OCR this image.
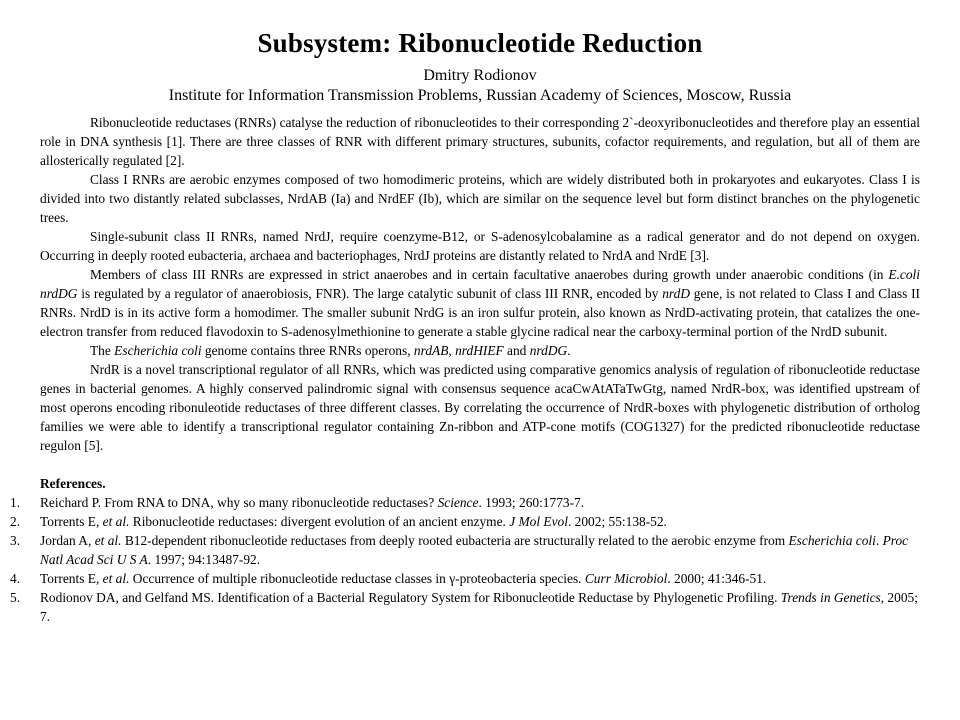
Subsystem: Ribonucleotide Reduction
Dmitry Rodionov
Institute for Information Transmission Problems, Russian Academy of Sciences, Moscow, Russia

Ribonucleotide reductases (RNRs) catalyse the reduction of ribonucleotides to their corresponding 2`-deoxyribonucleotides and therefore play an essential role in DNA synthesis [1]. There are three classes of RNR with different primary structures, subunits, cofactor requirements, and regulation, but all of them are allosterically regulated [2].

Class I RNRs are aerobic enzymes composed of two homodimeric proteins, which are widely distributed both in prokaryotes and eukaryotes. Class I is divided into two distantly related subclasses, NrdAB (Ia) and NrdEF (Ib), which are similar on the sequence level but form distinct branches on the phylogenetic trees.

Single-subunit class II RNRs, named NrdJ, require coenzyme-B12, or S-adenosylcobalamine as a radical generator and do not depend on oxygen. Occurring in deeply rooted eubacteria, archaea and bacteriophages, NrdJ proteins are distantly related to NrdA and NrdE [3].

Members of class III RNRs are expressed in strict anaerobes and in certain facultative anaerobes during growth under anaerobic conditions (in E.coli nrdDG is regulated by a regulator of anaerobiosis, FNR). The large catalytic subunit of class III RNR, encoded by nrdD gene, is not related to Class I and Class II RNRs. NrdD is in its active form a homodimer. The smaller subunit NrdG is an iron sulfur protein, also known as NrdD-activating protein, that catalizes the one-electron transfer from reduced flavodoxin to S-adenosylmethionine to generate a stable glycine radical near the carboxy-terminal portion of the NrdD subunit.

The Escherichia coli genome contains three RNRs operons, nrdAB, nrdHIEF and nrdDG.

NrdR is a novel transcriptional regulator of all RNRs, which was predicted using comparative genomics analysis of regulation of ribonucleotide reductase genes in bacterial genomes. A highly conserved palindromic signal with consensus sequence acaCwAtATaTwGtg, named NrdR-box, was identified upstream of most operons encoding ribonuleotide reductases of three different classes. By correlating the occurrence of NrdR-boxes with phylogenetic distribution of ortholog families we were able to identify a transcriptional regulator containing Zn-ribbon and ATP-cone motifs (COG1327) for the predicted ribonucleotide reductase regulon [5].

References.
1.	Reichard P. From RNA to DNA, why so many ribonucleotide reductases? Science. 1993; 260:1773-7.
2.	Torrents E, et al. Ribonucleotide reductases: divergent evolution of an ancient enzyme. J Mol Evol. 2002; 55:138-52.
3.	Jordan A, et al. B12-dependent ribonucleotide reductases from deeply rooted eubacteria are structurally related to the aerobic enzyme from Escherichia coli. Proc Natl Acad Sci U S A. 1997; 94:13487-92.
4.	Torrents E, et al. Occurrence of multiple ribonucleotide reductase classes in γ-proteobacteria species. Curr Microbiol. 2000; 41:346-51.
5.	Rodionov DA, and Gelfand MS. Identification of a Bacterial Regulatory System for Ribonucleotide Reductase by Phylogenetic Profiling. Trends in Genetics, 2005; 7.
